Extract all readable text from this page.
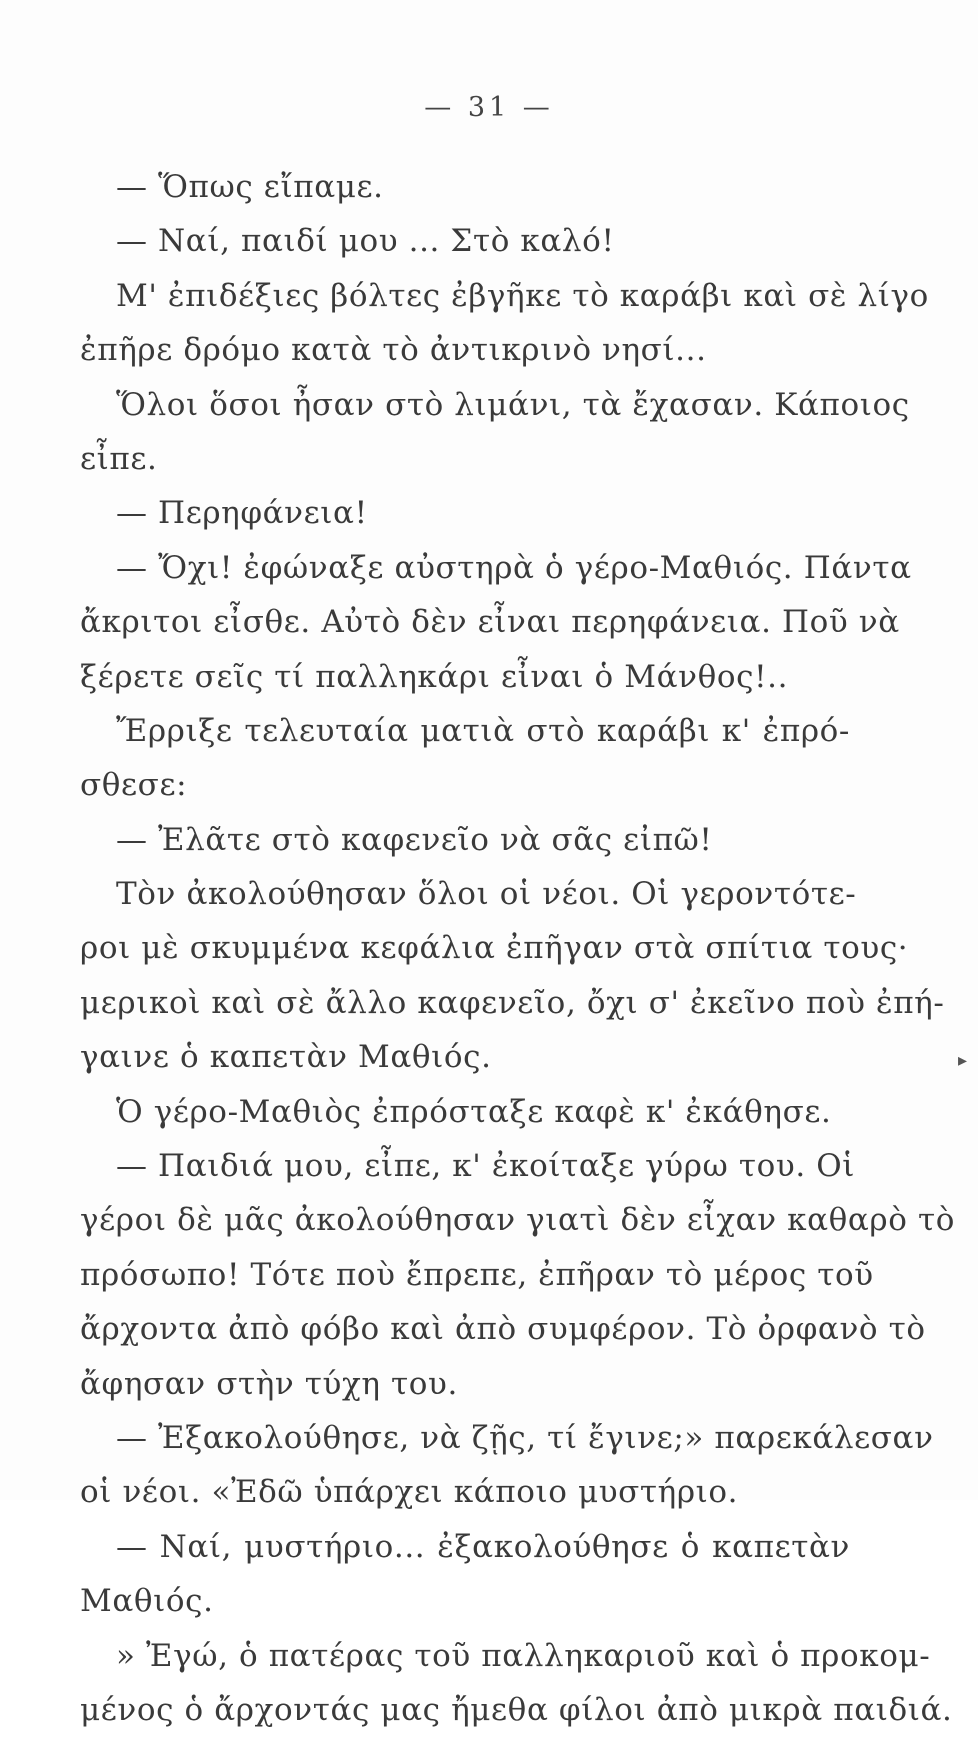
— 31 —
— Ὅπως εἴπαμε.
— Ναί, παιδί μου ... Στὸ καλό!
Μ' ἐπιδέξιες βόλτες ἐβγῆκε τὸ καράβι καὶ σὲ λίγο
ἐπῆρε δρόμο κατὰ τὸ ἀντικρινὸ νησί...
Ὅλοι ὅσοι ἦσαν στὸ λιμάνι, τὰ ἔχασαν. Κάποιος
εἶπε.
— Περηφάνεια!
— Ὄχι! ἐφώναξε αὐστηρὰ ὁ γέρο-Μαθιός. Πάντα
ἄκριτοι εἶσθε. Αὐτὸ δὲν εἶναι περηφάνεια. Ποῦ νὰ
ξέρετε σεῖς τί παλληκάρι εἶναι ὁ Μάνθος!..
Ἔρριξε τελευταία ματιὰ στὸ καράβι κ' ἐπρό-
σθεσε:
— Ἐλᾶτε στὸ καφενεῖο νὰ σᾶς εἰπῶ!
Τὸν ἀκολούθησαν ὅλοι οἱ νέοι. Οἱ γεροντότε-
ροι μὲ σκυμμένα κεφάλια ἐπῆγαν στὰ σπίτια τους·
μερικοὶ καὶ σὲ ἄλλο καφενεῖο, ὄχι σ' ἐκεῖνο ποὺ ἐπή-
γαινε ὁ καπετὰν Μαθιός.
Ὁ γέρο-Μαθιὸς ἐπρόσταξε καφὲ κ' ἐκάθησε.
— Παιδιά μου, εἶπε, κ' ἐκοίταξε γύρω του. Οἱ
γέροι δὲ μᾶς ἀκολούθησαν γιατὶ δὲν εἶχαν καθαρὸ τὸ
πρόσωπο! Τότε ποὺ ἔπρεπε, ἐπῆραν τὸ μέρος τοῦ
ἄρχοντα ἀπὸ φόβο καὶ ἀπὸ συμφέρον. Τὸ ὀρφανὸ τὸ
ἄφησαν στὴν τύχη του.
— Ἐξακολούθησε, νὰ ζῇς, τί ἔγινε;» παρεκάλεσαν
οἱ νέοι. «Ἐδῶ ὑπάρχει κάποιο μυστήριο.
— Ναί, μυστήριο... ἐξακολούθησε ὁ καπετὰν
Μαθιός.
» Ἐγώ, ὁ πατέρας τοῦ παλληκαριοῦ καὶ ὁ προκομ-
μένος ὁ ἄρχοντάς μας ἤμεθα φίλοι ἀπὸ μικρὰ παιδιά.
▸
